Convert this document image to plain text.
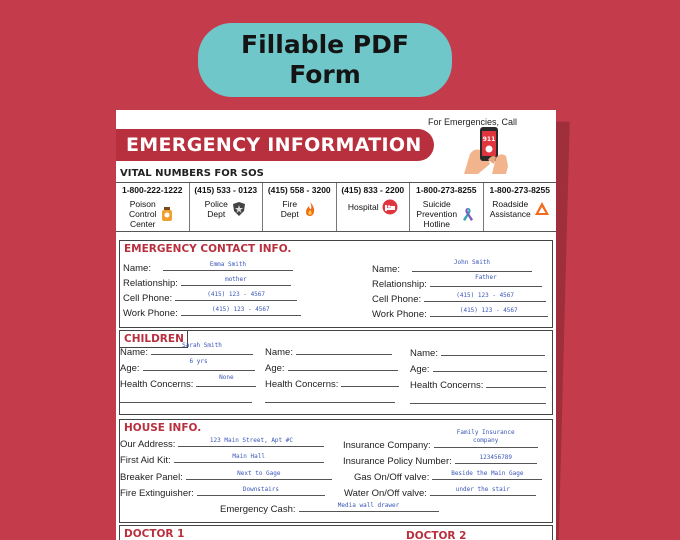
Fillable PDF
Form
For Emergencies, Call
EMERGENCY INFORMATION	911
VITAL NUMBERS FOR SOS
1-800-222-1222
Poison
Control
Center
(415) 533 - 0123
Police
Dept
(415) 558 - 3200
Fire
Dept
(415) 833 - 2200
Hospital
1-800-273-8255
Suicide
Prevention
Hotline
1-800-273-8255
Roadside
Assistance
EMERGENCY CONTACT INFO.
Name:	Emma Smith
Relationship:	mother
Cell Phone:	(415) 123 - 4567
Work Phone:	(415) 123 - 4567
Name:
John Smith
Relationship:
Father
Cell Phone:	(415) 123 - 4567
Work Phone:	(415) 123 - 4567
CHILDREN
Name:
Sarah Smith
Age:
6 yrs
Health Concerns:
None
Name:
Age:
Health Concerns:
Name:
Age:
Health Concerns:
HOUSE INFO.
Our Address:	123 Main Street, Apt #C
First Aid Kit:	Main Hall
Breaker Panel:	Next to Gage
Fire Extinguisher:	Downstairs
Insurance Company:
Family Insurance
company
Insurance Policy Number:	123456789
Gas On/Off valve:	Beside the Main Gage
Water On/Off valve:	under the stair
Emergency Cash:	Media wall drawer
DOCTOR 1	DOCTOR 2
